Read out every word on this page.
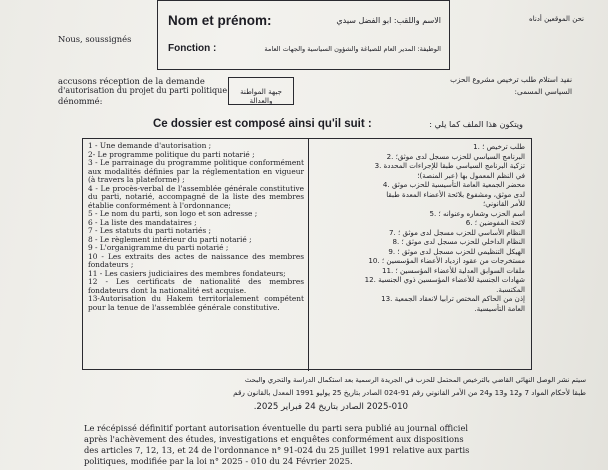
Nous, soussignés
نحن الموقعين أدناه
Nom et prénom:	الاسم واللقب: ابو الفضل سيدي
Fonction :	الوظيفة: المدير العام للصياغة والشؤون السياسية والجهات العامة
accusons réception de la demande
d'autorisation du projet du parti politique
dénommé:
جبهة المواطنة والعدالة
نفيد استلام طلب ترخيص مشروع الحزب
السياسي المسمى:
Ce dossier est composé ainsi qu'il suit :	ويتكون هذا الملف كما يلي :
1 - Une demande d'autorisation ;
2- Le programme politique du parti notarié ;
3 - Le parrainage du programme politique conformément aux modalités définies par la réglementation en vigueur (à travers la plateforme) ;
4 - Le procès-verbal de l'assemblée générale constitutive du parti, notarié, accompagné de la liste des membres établie conformément à l'ordonnance;
5 - Le nom du parti, son logo et son adresse ;
6 - La liste des mandataires ;
7 - Les statuts du parti notariés ;
8 - Le règlement intérieur du parti notarié ;
9 - L'organigramme du parti notarié ;
10 - Les extraits des actes de naissance des membres fondateurs ;
11 - Les casiers judiciaires des membres fondateurs;
12 - Les certificats de nationalité des membres fondateurs dont la nationalité est acquise.
13-Autorisation du Hakem territorialement compétent pour la tenue de l'assemblée générale constitutive.
طلب ترخيص ؛ .1
البرنامج السياسي للحزب مسجل لدى موثق؛ .2
تزكية البرنامج السياسي طبقا للإجراءات المحددة .3
في النظم المعمول بها (عبر المنصة)؛
محضر الجمعية العامة التأسيسية للحزب موثق .4
لدى موثق، ومشفوع بلائحة الأعضاء المعدة طبقا
للأمر القانوني؛
اسم الحزب وشعاره وعنوانه ؛ .5
لائحة المفوضين ؛ .6
النظام الأساسي للحزب مسجل لدى موثق ؛ .7
النظام الداخلي للحزب مسجل لدى موثق ؛ .8
الهيكل التنظيمي للحزب مسجل لدى موثق ؛ .9
مستخرجات من عقود ازدياد الأعضاء المؤسسين ؛ .10
ملفات السوابق العدلية للأعضاء المؤسسين ؛ .11
شهادات الجنسية للأعضاء المؤسسين ذوي الجنسية .12
المكتسبة.
إذن من الحاكم المختص ترابيا لانعقاد الجمعية .13
العامة التأسيسية.
سيتم نشر الوصل النهائي القاضي بالترخيص المحتمل للحزب في الجريدة الرسمية بعد استكمال الدراسة والتحري والبحث
طبقا لأحكام المواد 7 و12 و13 و24 من الأمر القانوني رقم 91-024 الصادر بتاريخ 25 يوليو 1991 المعدل بالقانون رقم
2025-010 الصادر بتاريخ 24 فبراير 2025.
Le récépissé définitif portant autorisation éventuelle du parti sera publié au journal officiel
après l'achèvement des études, investigations et enquêtes conformément aux dispositions
des articles 7, 12, 13, et 24 de l'ordonnance n° 91-024 du 25 juillet 1991 relative aux partis
politiques, modifiée par la loi n° 2025 - 010 du 24 Février 2025.
